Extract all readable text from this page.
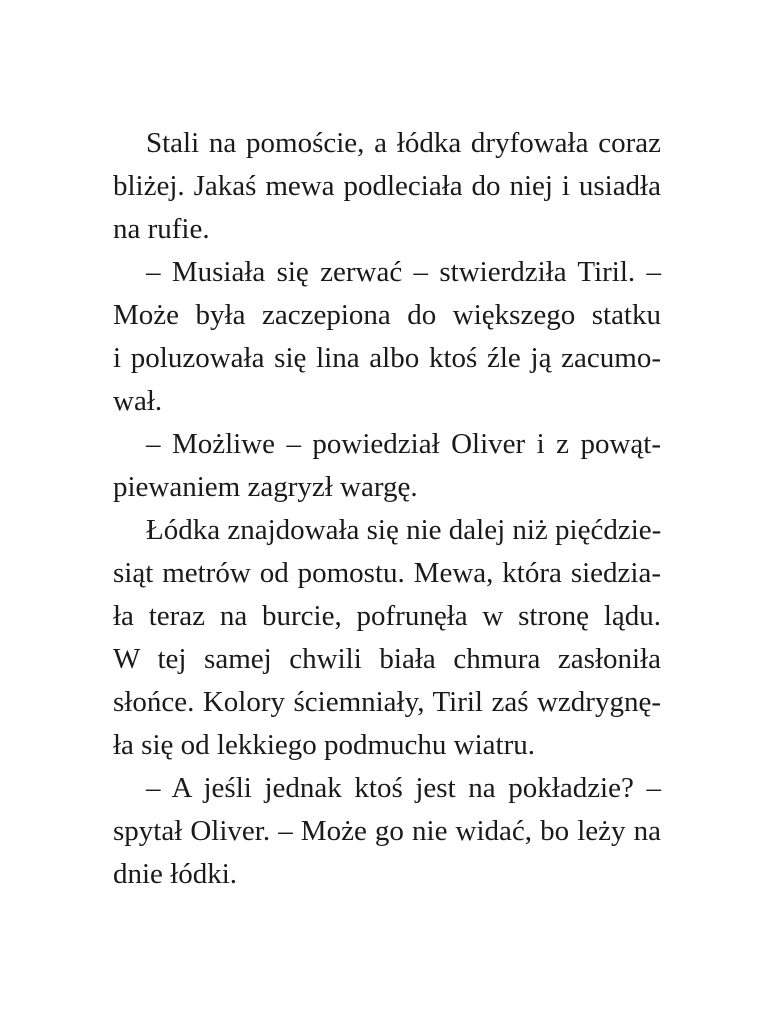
Stali na pomoście, a łódka dryfowała coraz
bliżej. Jakaś mewa podleciała do niej i usiadła
na rufie.
– Musiała się zerwać – stwierdziła Tiril. –
Może była zaczepiona do większego statku
i poluzowała się lina albo ktoś źle ją zacumo-
wał.
– Możliwe – powiedział Oliver i z powąt-
piewaniem zagryzł wargę.
Łódka znajdowała się nie dalej niż pięćdzie-
siąt metrów od pomostu. Mewa, która siedzia-
ła teraz na burcie, pofrunęła w stronę lądu.
W tej samej chwili biała chmura zasłoniła
słońce. Kolory ściemniały, Tiril zaś wzdrygnę-
ła się od lekkiego podmuchu wiatru.
– A jeśli jednak ktoś jest na pokładzie? –
spytał Oliver. – Może go nie widać, bo leży na
dnie łódki.
